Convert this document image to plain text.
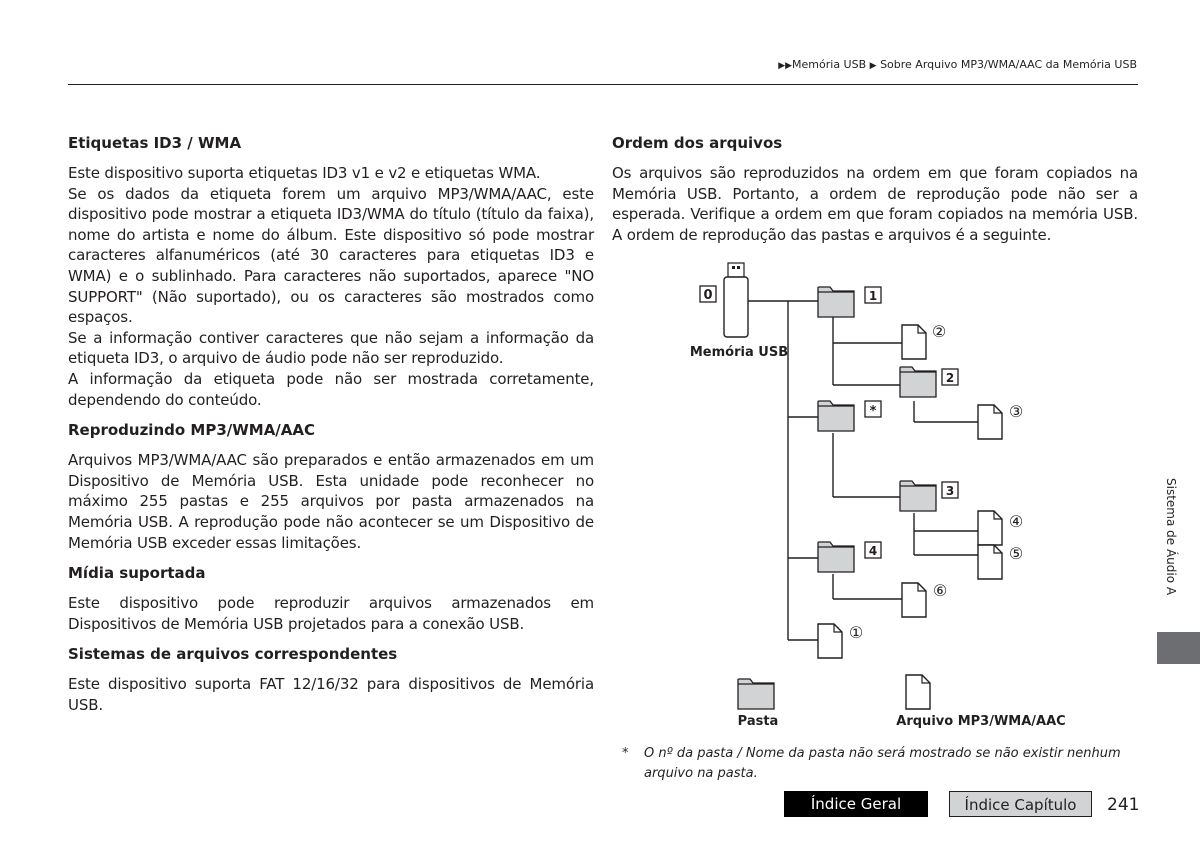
▶▶Memória USB ▶ Sobre Arquivo MP3/WMA/AAC da Memória USB
Etiquetas ID3 / WMA

Este dispositivo suporta etiquetas ID3 v1 e v2 e etiquetas WMA.

Se os dados da etiqueta forem um arquivo MP3/WMA/AAC, este dispositivo pode mostrar a etiqueta ID3/WMA do título (título da faixa), nome do artista e nome do álbum. Este dispositivo só pode mostrar caracteres alfanuméricos (até 30 caracteres para etiquetas ID3 e WMA) e o sublinhado. Para caracteres não suportados, aparece "NO SUPPORT" (Não suportado), ou os caracteres são mostrados como espaços.

Se a informação contiver caracteres que não sejam a informação da etiqueta ID3, o arquivo de áudio pode não ser reproduzido.

A informação da etiqueta pode não ser mostrada corretamente, dependendo do conteúdo.

Reproduzindo MP3/WMA/AAC

Arquivos MP3/WMA/AAC são preparados e então armazenados em um Dispositivo de Memória USB. Esta unidade pode reconhecer no máximo 255 pastas e 255 arquivos por pasta armazenados na Memória USB. A reprodução pode não acontecer se um Dispositivo de Memória USB exceder essas limitações.

Mídia suportada

Este dispositivo pode reproduzir arquivos armazenados em Dispositivos de Memória USB projetados para a conexão USB.

Sistemas de arquivos correspondentes

Este dispositivo suporta FAT 12/16/32 para dispositivos de Memória USB.

Ordem dos arquivos

Os arquivos são reproduzidos na ordem em que foram copiados na Memória USB. Portanto, a ordem de reprodução pode não ser a esperada. Verifique a ordem em que foram copiados na memória USB. A ordem de reprodução das pastas e arquivos é a seguinte.

0
Memória USB
1
②
2
③
*
3
④
⑤
4
⑥
①
Pasta	Arquivo MP3/WMA/AAC
* O nº da pasta / Nome da pasta não será mostrado se não existir nenhum arquivo na pasta.
Sistema de Áudio A
Índice Geral	Índice Capítulo	241
